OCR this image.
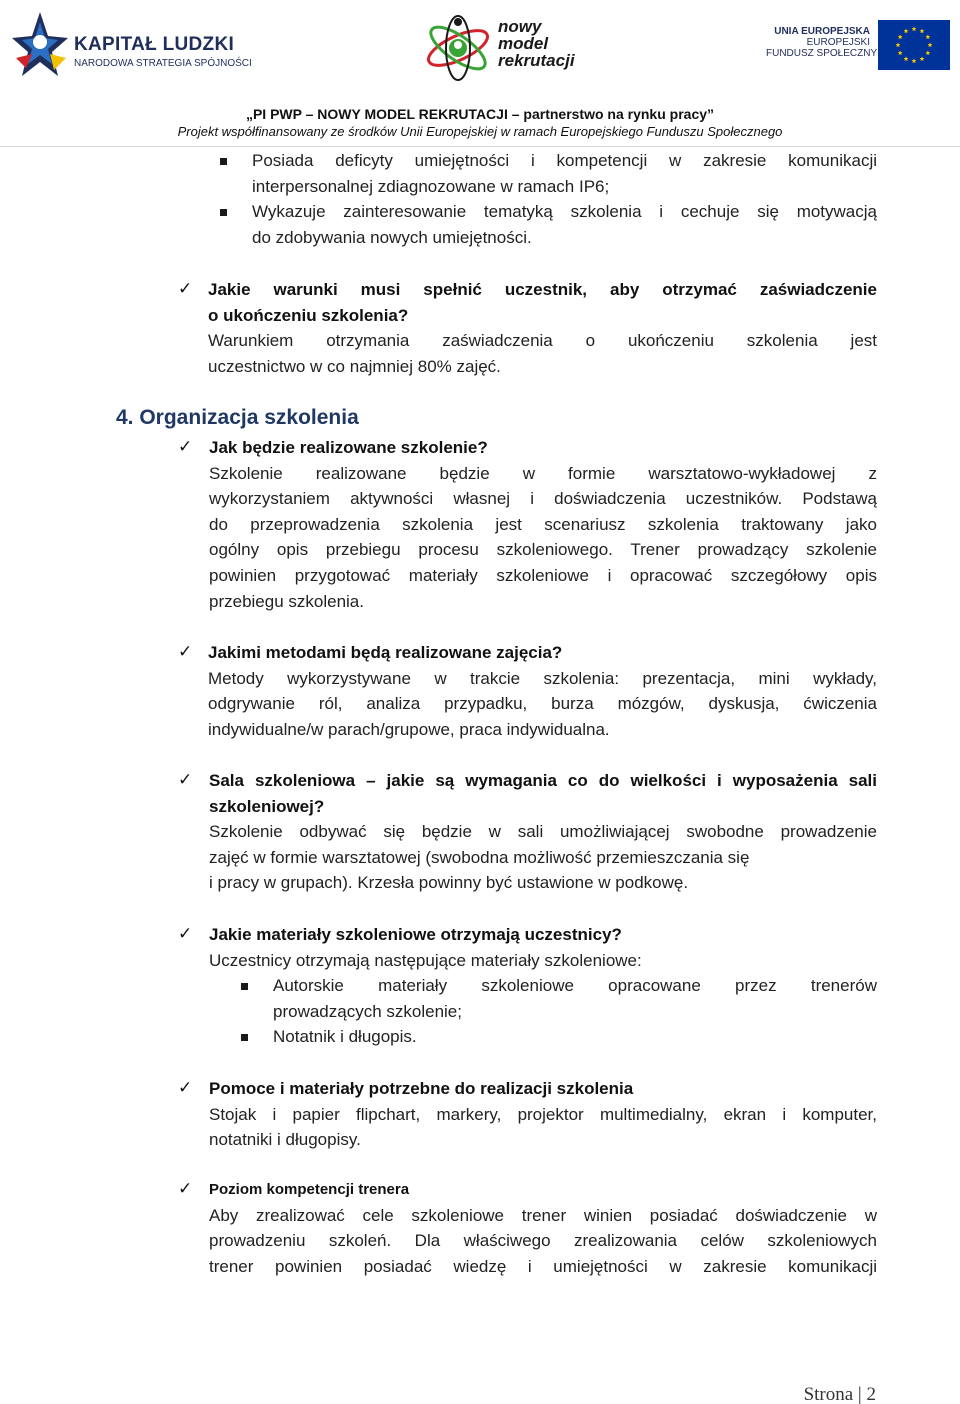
KAPITAŁ LUDZKI
NARODOWA STRATEGIA SPÓJNOŚCI
nowy
model
rekrutacji
UNIA EUROPEJSKA
EUROPEJSKI
FUNDUSZ SPOŁECZNY
„PI PWP – NOWY MODEL REKRUTACJI – partnerstwo na rynku pracy”
Projekt współfinansowany ze środków Unii Europejskiej w ramach Europejskiego Funduszu Społecznego
Posiada deficyty umiejętności i kompetencji w zakresie komunikacji
interpersonalnej zdiagnozowane w ramach IP6;
Wykazuje zainteresowanie tematyką szkolenia i cechuje się motywacją
do zdobywania nowych umiejętności.
✓ Jakie warunki musi spełnić uczestnik, aby otrzymać zaświadczenie
o ukończeniu szkolenia?
Warunkiem otrzymania zaświadczenia o ukończeniu szkolenia jest
uczestnictwo w co najmniej 80% zajęć.
4. Organizacja szkolenia
✓ Jak będzie realizowane szkolenie?
Szkolenie realizowane będzie w formie warsztatowo-wykładowej z
wykorzystaniem aktywności własnej i doświadczenia uczestników. Podstawą
do przeprowadzenia szkolenia jest scenariusz szkolenia traktowany jako
ogólny opis przebiegu procesu szkoleniowego. Trener prowadzący szkolenie
powinien przygotować materiały szkoleniowe i opracować szczegółowy opis
przebiegu szkolenia.
✓ Jakimi metodami będą realizowane zajęcia?
Metody wykorzystywane w trakcie szkolenia: prezentacja, mini wykłady,
odgrywanie ról, analiza przypadku, burza mózgów, dyskusja, ćwiczenia
indywidualne/w parach/grupowe, praca indywidualna.
✓ Sala szkoleniowa – jakie są wymagania co do wielkości i wyposażenia sali
szkoleniowej?
Szkolenie odbywać się będzie w sali umożliwiającej swobodne prowadzenie
zajęć w formie warsztatowej (swobodna możliwość przemieszczania się
i pracy w grupach). Krzesła powinny być ustawione w podkowę.
✓ Jakie materiały szkoleniowe otrzymają uczestnicy?
Uczestnicy otrzymają następujące materiały szkoleniowe:
Autorskie materiały szkoleniowe opracowane przez trenerów
prowadzących szkolenie;
Notatnik i długopis.
✓ Pomoce i materiały potrzebne do realizacji szkolenia
Stojak i papier flipchart, markery, projektor multimedialny, ekran i komputer,
notatniki i długopisy.
✓ Poziom kompetencji trenera
Aby zrealizować cele szkoleniowe trener winien posiadać doświadczenie w
prowadzeniu szkoleń. Dla właściwego zrealizowania celów szkoleniowych
trener powinien posiadać wiedzę i umiejętności w zakresie komunikacji
Strona | 2
